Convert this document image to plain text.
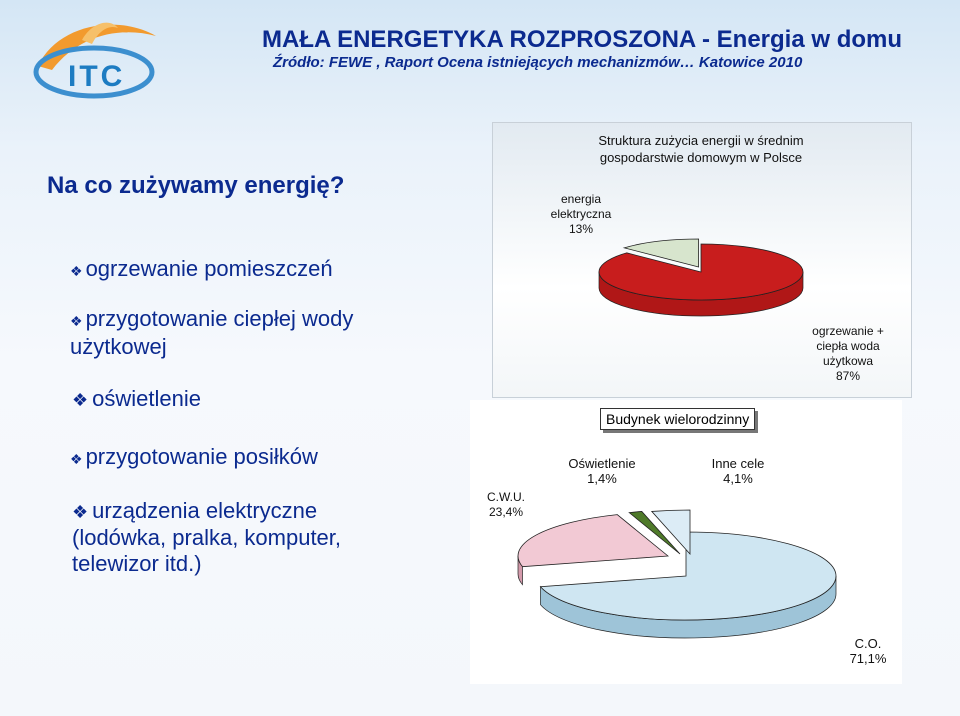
ITC
MAŁA ENERGETYKA ROZPROSZONA - Energia w domu
Źródło: FEWE , Raport Ocena istniejących mechanizmów… Katowice 2010
Na co zużywamy energię?
❖ ogrzewanie pomieszczeń
❖ przygotowanie ciepłej wody
użytkowej
❖ oświetlenie
❖ przygotowanie posiłków
❖ urządzenia elektryczne
(lodówka, pralka, komputer,
telewizor itd.)
Struktura zużycia energii w średnim
gospodarstwie domowym w Polsce
energia
elektryczna
13%
ogrzewanie +
ciepła woda
użytkowa
87%
Budynek wielorodzinny
C.W.U.
23,4%
Oświetlenie
1,4%
Inne cele
4,1%
C.O.
71,1%
